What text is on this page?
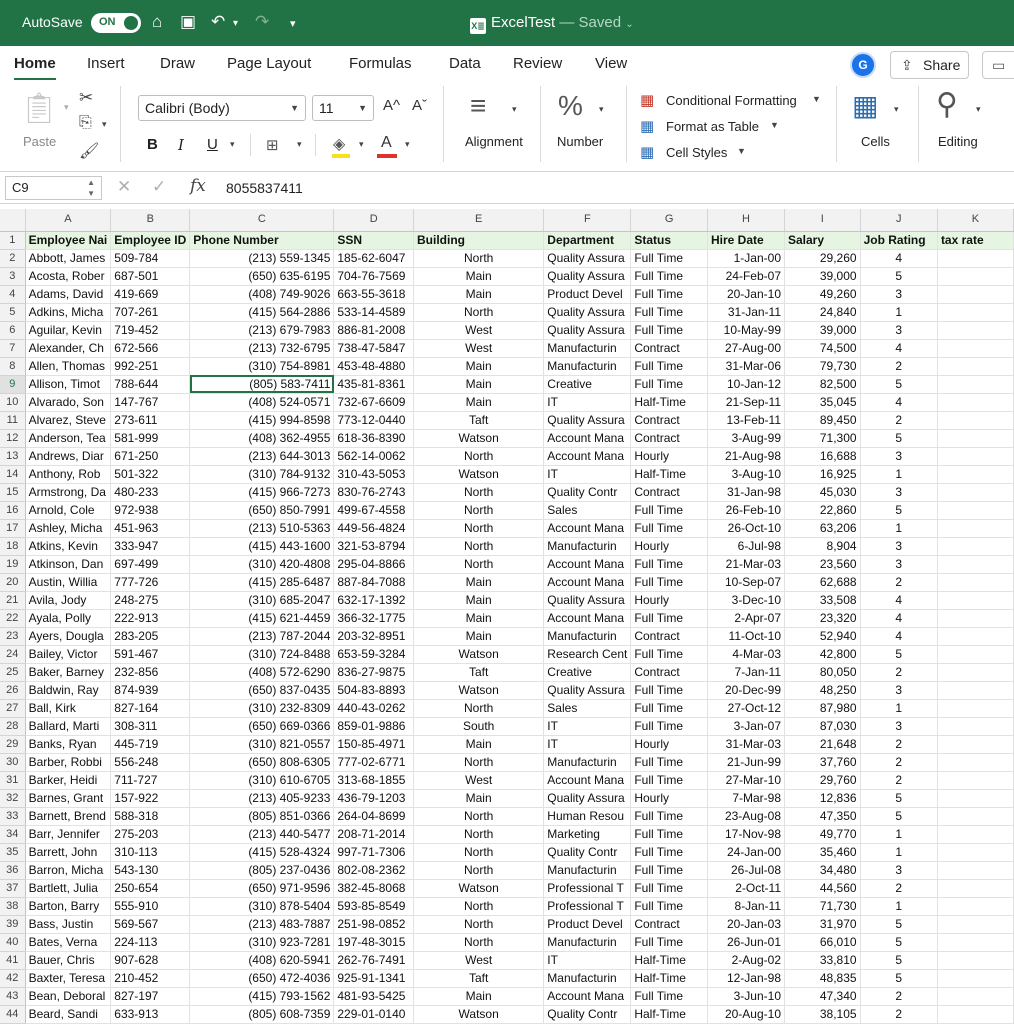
AutoSave ON ⌂ ▣ ↶ ▾ ↷ ▾	X≣ ExcelTest — Saved ⌄
Home Insert Draw Page Layout	Formulas Data Review View	G	⇪ Share	▭
📋︎
Paste
▾ ✂
⎘ ▾
🖌︎
Calibri (Body)	▼	11	▼ A^ Aˇ
B I U ▾ ⊞ ▾ ◈ ▾ A ▾
≡	▾
Alignment
% ▾
Number
▦ Conditional Formatting ▼
▦ Format as Table ▼
▦ Cell Styles ▼
▦ ▾
Cells
⚲ ▾
Editing
C9	▲
▼ ✕ ✓ fx 8055837411
	A	B	C	D	E	F	G	H	I	J	K
1	Employee Nai	Employee ID	Phone Number	SSN	Building	Department	Status	Hire Date	Salary	Job Rating	tax rate
2	Abbott, James	509-784	(213) 559-1345	185-62-6047	North	Quality Assura	Full Time	1-Jan-00	29,260	4	
3	Acosta, Rober	687-501	(650) 635-6195	704-76-7569	Main	Quality Assura	Full Time	24-Feb-07	39,000	5	
4	Adams, David	419-669	(408) 749-9026	663-55-3618	Main	Product Devel	Full Time	20-Jan-10	49,260	3	
5	Adkins, Micha	707-261	(415) 564-2886	533-14-4589	North	Quality Assura	Full Time	31-Jan-11	24,840	1	
6	Aguilar, Kevin	719-452	(213) 679-7983	886-81-2008	West	Quality Assura	Full Time	10-May-99	39,000	3	
7	Alexander, Ch	672-566	(213) 732-6795	738-47-5847	West	Manufacturin	Contract	27-Aug-00	74,500	4	
8	Allen, Thomas	992-251	(310) 754-8981	453-48-4880	Main	Manufacturin	Full Time	31-Mar-06	79,730	2	
9	Allison, Timot	788-644	(805) 583-7411	435-81-8361	Main	Creative	Full Time	10-Jan-12	82,500	5	
10	Alvarado, Son	147-767	(408) 524-0571	732-67-6609	Main	IT	Half-Time	21-Sep-11	35,045	4	
11	Alvarez, Steve	273-611	(415) 994-8598	773-12-0440	Taft	Quality Assura	Contract	13-Feb-11	89,450	2	
12	Anderson, Tea	581-999	(408) 362-4955	618-36-8390	Watson	Account Mana	Contract	3-Aug-99	71,300	5	
13	Andrews, Diar	671-250	(213) 644-3013	562-14-0062	North	Account Mana	Hourly	21-Aug-98	16,688	3	
14	Anthony, Rob	501-322	(310) 784-9132	310-43-5053	Watson	IT	Half-Time	3-Aug-10	16,925	1	
15	Armstrong, Da	480-233	(415) 966-7273	830-76-2743	North	Quality Contr	Contract	31-Jan-98	45,030	3	
16	Arnold, Cole	972-938	(650) 850-7991	499-67-4558	North	Sales	Full Time	26-Feb-10	22,860	5	
17	Ashley, Micha	451-963	(213) 510-5363	449-56-4824	North	Account Mana	Full Time	26-Oct-10	63,206	1	
18	Atkins, Kevin	333-947	(415) 443-1600	321-53-8794	North	Manufacturin	Hourly	6-Jul-98	8,904	3	
19	Atkinson, Dan	697-499	(310) 420-4808	295-04-8866	North	Account Mana	Full Time	21-Mar-03	23,560	3	
20	Austin, Willia	777-726	(415) 285-6487	887-84-7088	Main	Account Mana	Full Time	10-Sep-07	62,688	2	
21	Avila, Jody	248-275	(310) 685-2047	632-17-1392	Main	Quality Assura	Hourly	3-Dec-10	33,508	4	
22	Ayala, Polly	222-913	(415) 621-4459	366-32-1775	Main	Account Mana	Full Time	2-Apr-07	23,320	4	
23	Ayers, Dougla	283-205	(213) 787-2044	203-32-8951	Main	Manufacturin	Contract	11-Oct-10	52,940	4	
24	Bailey, Victor	591-467	(310) 724-8488	653-59-3284	Watson	Research Cent	Full Time	4-Mar-03	42,800	5	
25	Baker, Barney	232-856	(408) 572-6290	836-27-9875	Taft	Creative	Contract	7-Jan-11	80,050	2	
26	Baldwin, Ray	874-939	(650) 837-0435	504-83-8893	Watson	Quality Assura	Full Time	20-Dec-99	48,250	3	
27	Ball, Kirk	827-164	(310) 232-8309	440-43-0262	North	Sales	Full Time	27-Oct-12	87,980	1	
28	Ballard, Marti	308-311	(650) 669-0366	859-01-9886	South	IT	Full Time	3-Jan-07	87,030	3	
29	Banks, Ryan	445-719	(310) 821-0557	150-85-4971	Main	IT	Hourly	31-Mar-03	21,648	2	
30	Barber, Robbi	556-248	(650) 808-6305	777-02-6771	North	Manufacturin	Full Time	21-Jun-99	37,760	2	
31	Barker, Heidi	711-727	(310) 610-6705	313-68-1855	West	Account Mana	Full Time	27-Mar-10	29,760	2	
32	Barnes, Grant	157-922	(213) 405-9233	436-79-1203	Main	Quality Assura	Hourly	7-Mar-98	12,836	5	
33	Barnett, Brend	588-318	(805) 851-0366	264-04-8699	North	Human Resou	Full Time	23-Aug-08	47,350	5	
34	Barr, Jennifer	275-203	(213) 440-5477	208-71-2014	North	Marketing	Full Time	17-Nov-98	49,770	1	
35	Barrett, John	310-113	(415) 528-4324	997-71-7306	North	Quality Contr	Full Time	24-Jan-00	35,460	1	
36	Barron, Micha	543-130	(805) 237-0436	802-08-2362	North	Manufacturin	Full Time	26-Jul-08	34,480	3	
37	Bartlett, Julia	250-654	(650) 971-9596	382-45-8068	Watson	Professional T	Full Time	2-Oct-11	44,560	2	
38	Barton, Barry	555-910	(310) 878-5404	593-85-8549	North	Professional T	Full Time	8-Jan-11	71,730	1	
39	Bass, Justin	569-567	(213) 483-7887	251-98-0852	North	Product Devel	Contract	20-Jan-03	31,970	5	
40	Bates, Verna	224-113	(310) 923-7281	197-48-3015	North	Manufacturin	Full Time	26-Jun-01	66,010	5	
41	Bauer, Chris	907-628	(408) 620-5941	262-76-7491	West	IT	Half-Time	2-Aug-02	33,810	5	
42	Baxter, Teresa	210-452	(650) 472-4036	925-91-1341	Taft	Manufacturin	Half-Time	12-Jan-98	48,835	5	
43	Bean, Deboral	827-197	(415) 793-1562	481-93-5425	Main	Account Mana	Full Time	3-Jun-10	47,340	2	
44	Beard, Sandi	633-913	(805) 608-7359	229-01-0140	Watson	Quality Contr	Half-Time	20-Aug-10	38,105	2	
